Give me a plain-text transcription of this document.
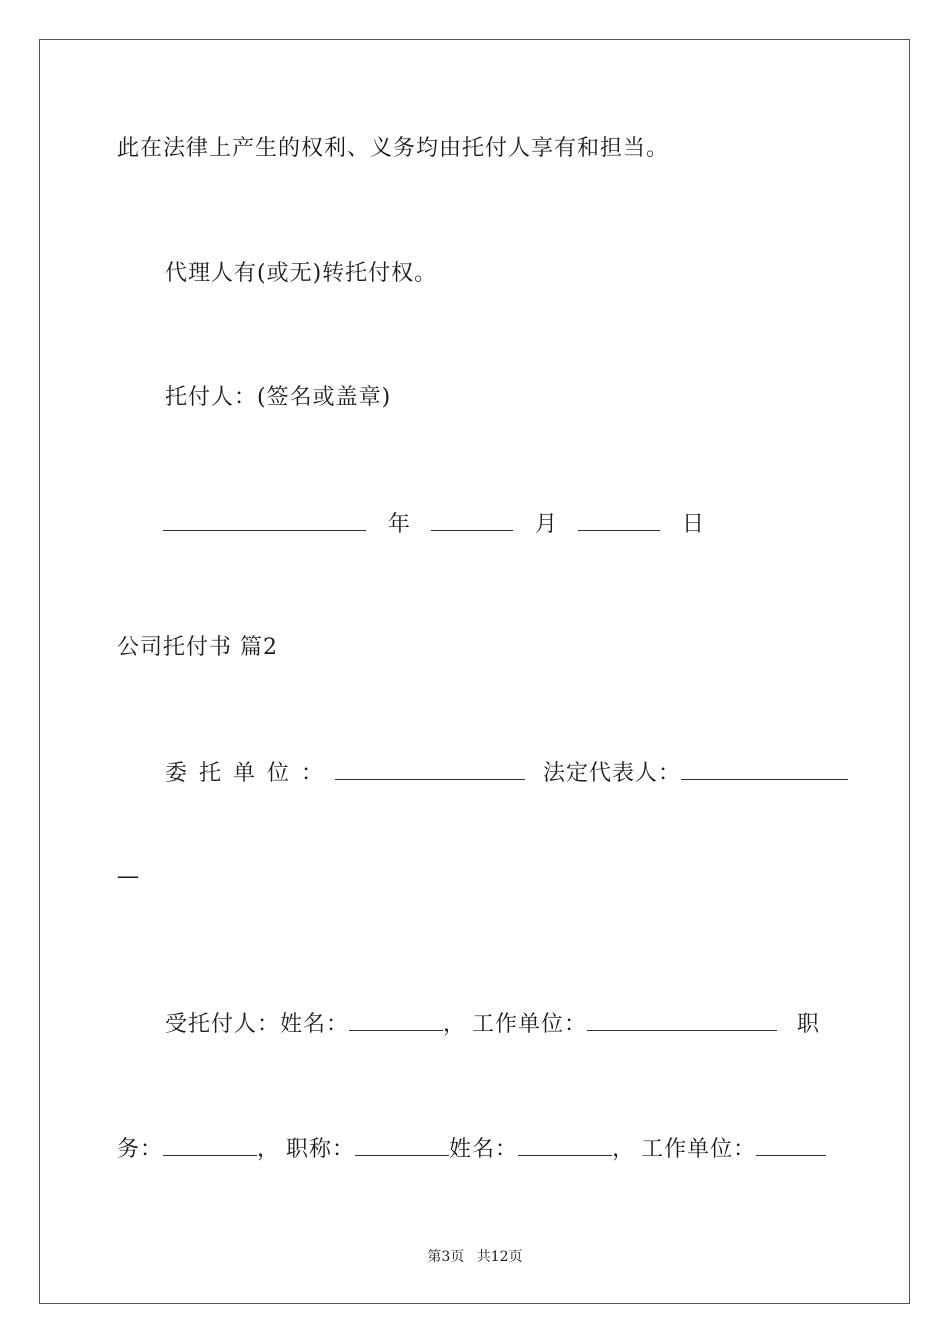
此在法律上产生的权利、义务均由托付人享有和担当。
代理人有(或无)转托付权。
托付人：(签名或盖章)
年	月	日
公司托付书 篇2
委托单位：	法定代表人：
—
受托付人：姓名：	， 工作单位：	职
务：	， 职称：	姓名：	， 工作单位：
第3页 共12页
